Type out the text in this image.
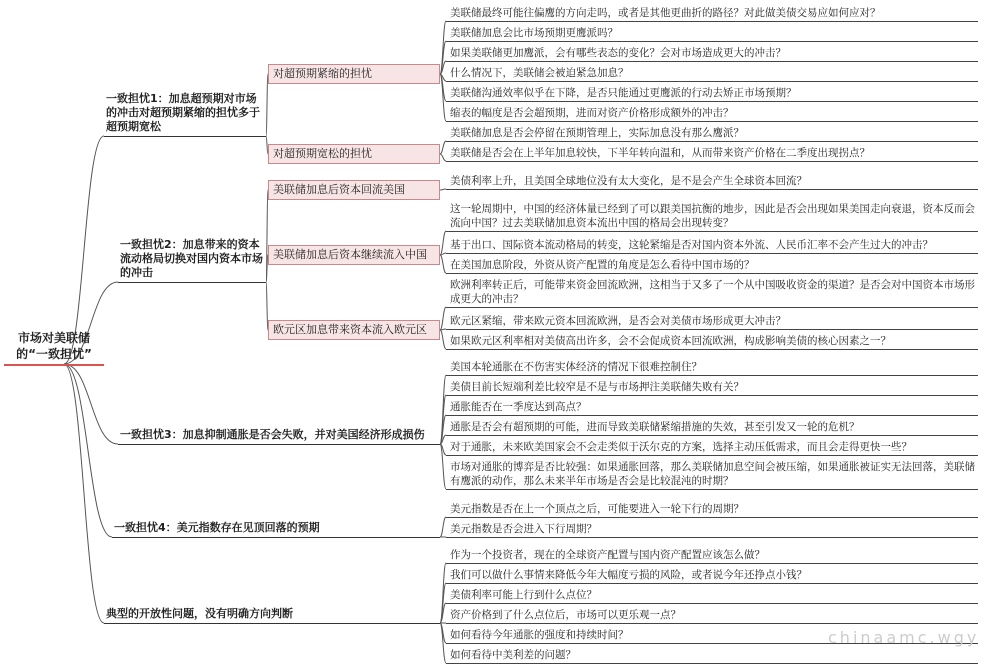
市场对美联储的“一致担忧”
一致担忧1：加息超预期对市场的冲击对超预期紧缩的担忧多于超预期宽松
对超预期紧缩的担忧
对超预期宽松的担忧
美联储最终可能往偏鹰的方向走吗，或者是其他更曲折的路径？对此做美债交易应如何应对？
美联储加息会比市场预期更鹰派吗？
如果美联储更加鹰派，会有哪些表态的变化？会对市场造成更大的冲击？
什么情况下，美联储会被迫紧急加息？
美联储沟通效率似乎在下降，是否只能通过更鹰派的行动去矫正市场预期？
缩表的幅度是否会超预期，进而对资产价格形成额外的冲击？
美联储加息是否会停留在预期管理上，实际加息没有那么鹰派？
美联储是否会在上半年加息较快，下半年转向温和，从而带来资产价格在二季度出现拐点？
一致担忧2：加息带来的资本流动格局切换对国内资本市场的冲击
美联储加息后资本回流美国
美联储加息后资本继续流入中国
欧元区加息带来资本流入欧元区
美债利率上升，且美国全球地位没有太大变化，是不是会产生全球资本回流？
这一轮周期中，中国的经济体量已经到了可以跟美国抗衡的地步，因此是否会出现如果美国走向衰退，资本反而会流向中国？过去美联储加息资本流出中国的格局会出现转变？
基于出口、国际资本流动格局的转变，这轮紧缩是否对国内资本外流、人民币汇率不会产生过大的冲击？
在美国加息阶段，外资从资产配置的角度是怎么看待中国市场的？
欧洲利率转正后，可能带来资金回流欧洲，这相当于又多了一个从中国吸收资金的渠道？是否会对中国资本市场形成更大的冲击？
欧元区紧缩，带来欧元资本回流欧洲，是否会对美债市场形成更大冲击？
如果欧元区利率相对美债高出许多，会不会促成资本回流欧洲，构成影响美债的核心因素之一？
一致担忧3：加息抑制通胀是否会失败，并对美国经济形成损伤
美国本轮通胀在不伤害实体经济的情况下很难控制住？
美债目前长短端利差比较窄是不是与市场押注美联储失败有关？
通胀能否在一季度达到高点？
通胀是否会有超预期的可能，进而导致美联储紧缩措施的失效，甚至引发又一轮的危机？
对于通胀，未来欧美国家会不会走类似于沃尔克的方案，选择主动压低需求，而且会走得更快一些？
市场对通胀的博弈是否比较强：如果通胀回落，那么美联储加息空间会被压缩，如果通胀被证实无法回落，美联储有鹰派的动作，那么未来半年市场是否会是比较混沌的时期？
一致担忧4：美元指数存在见顶回落的预期
美元指数是否在上一个顶点之后，可能要进入一轮下行的周期？
美元指数是否会进入下行周期？
典型的开放性问题，没有明确方向判断
作为一个投资者，现在的全球资产配置与国内资产配置应该怎么做？
我们可以做什么事情来降低今年大幅度亏损的风险，或者说今年还挣点小钱？
美债利率可能上行到什么点位？
资产价格到了什么点位后，市场可以更乐观一点？
如何看待今年通胀的强度和持续时间？
如何看待中美利差的问题？
chinaamc.wgy
